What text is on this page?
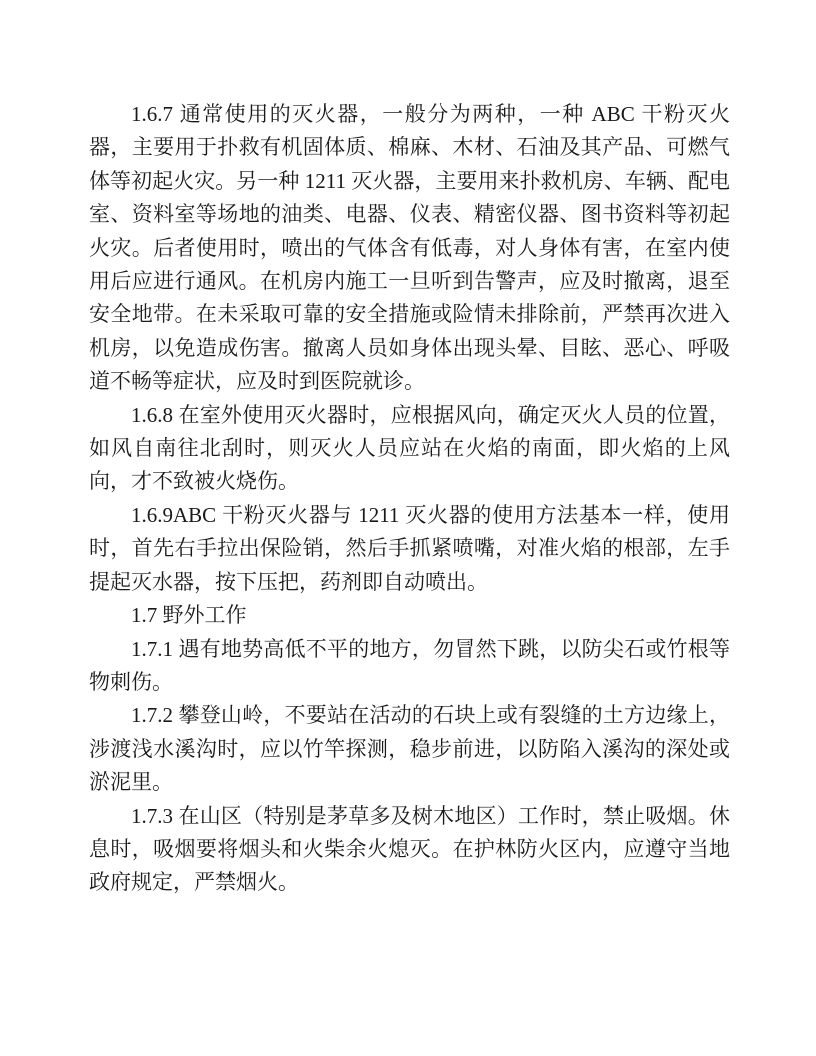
1.6.7 通常使用的灭火器，一般分为两种，一种 ABC 干粉灭火器，主要用于扑救有机固体质、棉麻、木材、石油及其产品、可燃气体等初起火灾。另一种 1211 灭火器，主要用来扑救机房、车辆、配电室、资料室等场地的油类、电器、仪表、精密仪器、图书资料等初起火灾。后者使用时，喷出的气体含有低毒，对人身体有害，在室内使用后应进行通风。在机房内施工一旦听到告警声，应及时撤离，退至安全地带。在未采取可靠的安全措施或险情未排除前，严禁再次进入机房，以免造成伤害。撤离人员如身体出现头晕、目眩、恶心、呼吸道不畅等症状，应及时到医院就诊。

1.6.8 在室外使用灭火器时，应根据风向，确定灭火人员的位置，如风自南往北刮时，则灭火人员应站在火焰的南面，即火焰的上风向，才不致被火烧伤。

1.6.9ABC 干粉灭火器与 1211 灭火器的使用方法基本一样，使用时，首先右手拉出保险销，然后手抓紧喷嘴，对准火焰的根部，左手提起灭水器，按下压把，药剂即自动喷出。

1.7 野外工作

1.7.1 遇有地势高低不平的地方，勿冒然下跳，以防尖石或竹根等物刺伤。

1.7.2 攀登山岭，不要站在活动的石块上或有裂缝的土方边缘上，涉渡浅水溪沟时，应以竹竿探测，稳步前进，以防陷入溪沟的深处或淤泥里。

1.7.3 在山区（特别是茅草多及树木地区）工作时，禁止吸烟。休息时，吸烟要将烟头和火柴余火熄灭。在护林防火区内，应遵守当地政府规定，严禁烟火。
